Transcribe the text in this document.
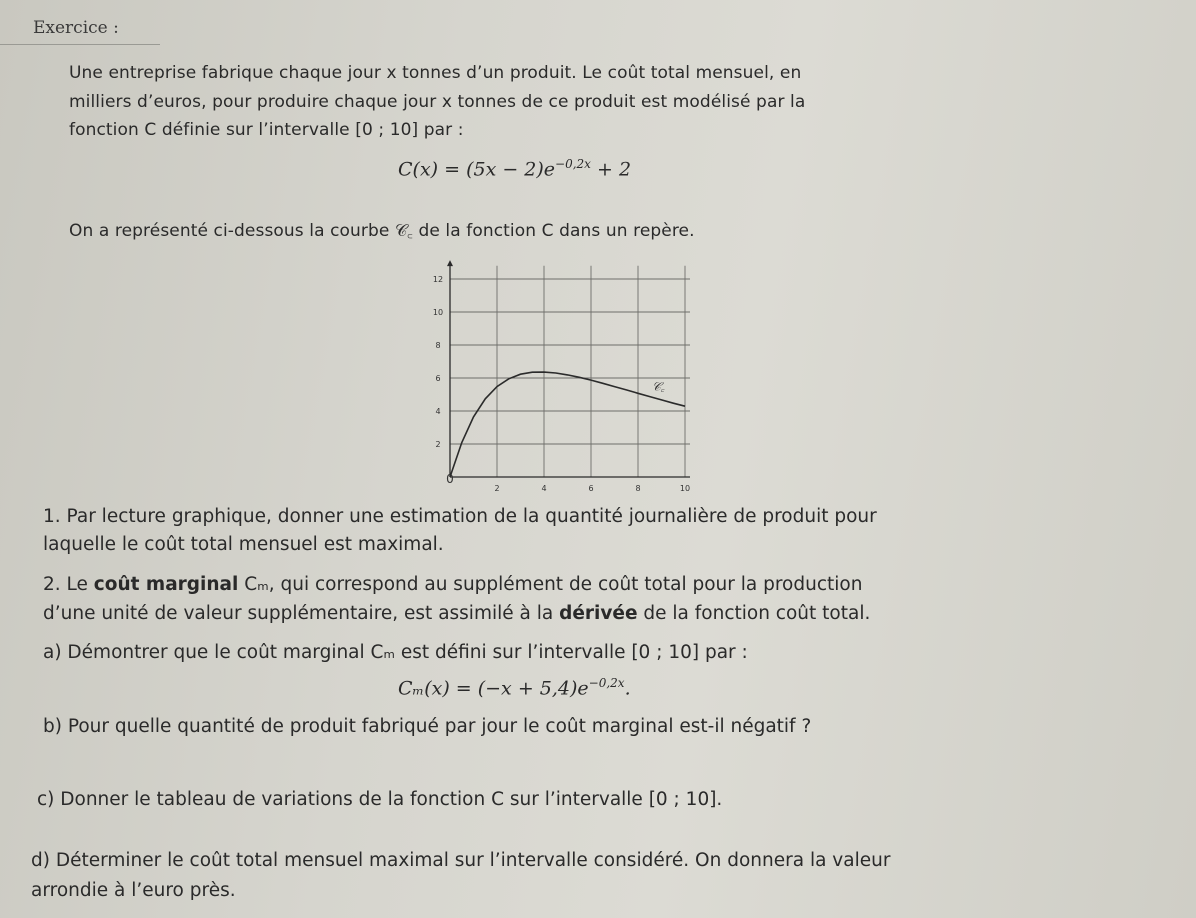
Exercice :
Une entreprise fabrique chaque jour x tonnes d’un produit. Le coût total mensuel, en
milliers d’euros, pour produire chaque jour x tonnes de ce produit est modélisé par la
fonction C définie sur l’intervalle [0 ; 10] par :
$C(x) = (5x - 2)e^{-0,2x} + 2$
On a représenté ci-dessous la courbe 𝒞꜀ de la fonction C dans un repère.
0
2	4	6	8	10
2
4
6
8
10
12
𝒞꜀
1. Par lecture graphique, donner une estimation de la quantité journalière de produit pour
laquelle le coût total mensuel est maximal.
2. Le coût marginal Cₘ, qui correspond au supplément de coût total pour la production
d’une unité de valeur supplémentaire, est assimilé à la dérivée de la fonction coût total.
a) Démontrer que le coût marginal Cₘ est défini sur l’intervalle [0 ; 10] par :
$C_m(x) = (-x + 5,4)e^{-0,2x}$.
b) Pour quelle quantité de produit fabriqué par jour le coût marginal est-il négatif ?
c) Donner le tableau de variations de la fonction C sur l’intervalle [0 ; 10].
d) Déterminer le coût total mensuel maximal sur l’intervalle considéré. On donnera la valeur
arrondie à l’euro près.
